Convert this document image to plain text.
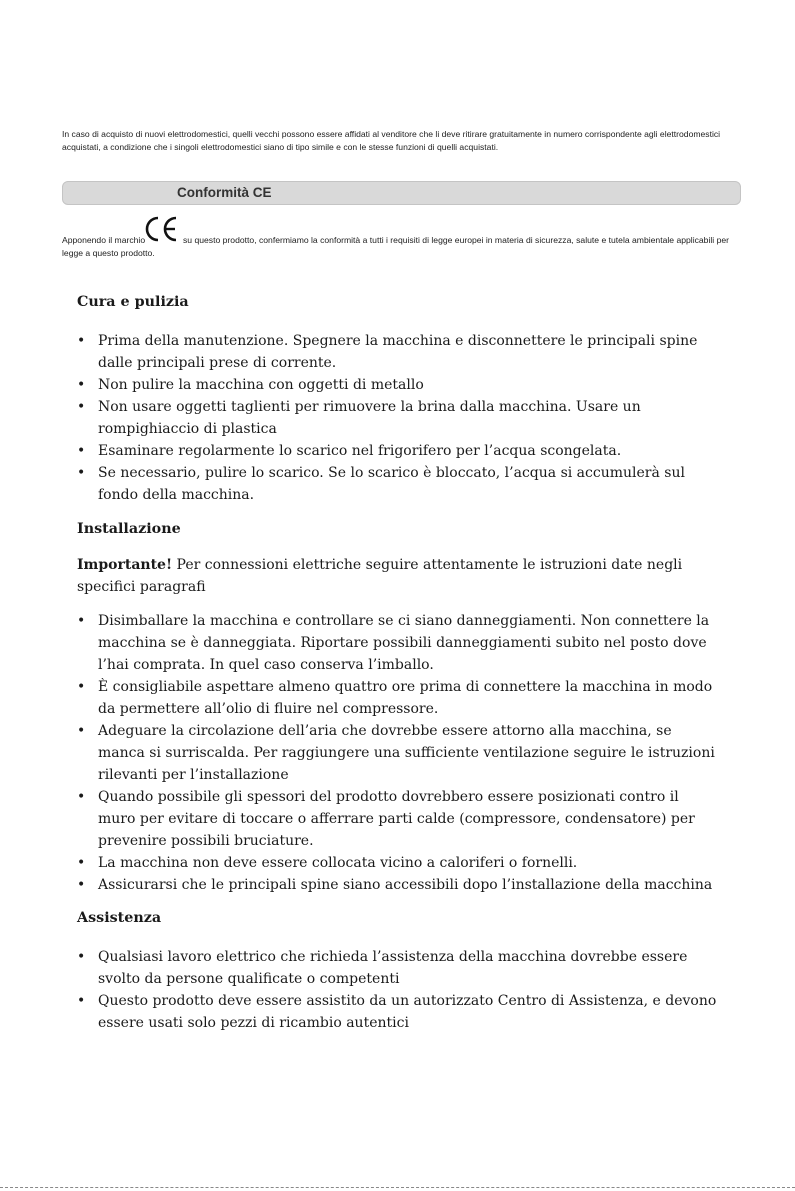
In caso di acquisto di nuovi elettrodomestici, quelli vecchi possono essere affidati al venditore che li deve ritirare gratuitamente in numero corrispondente agli elettrodomestici acquistati, a condizione che i singoli elettrodomestici siano di tipo simile e con le stesse funzioni di quelli acquistati.
Conformità CE
Apponendo il marchio	su questo prodotto, confermiamo la conformità a tutti i requisiti di legge europei in materia di sicurezza, salute e tutela ambientale applicabili per
legge a questo prodotto.
Cura e pulizia
• Prima della manutenzione. Spegnere la macchina e disconnettere le principali spine dalle principali prese di corrente.
• Non pulire la macchina con oggetti di metallo
• Non usare oggetti taglienti per rimuovere la brina dalla macchina. Usare un rompighiaccio di plastica
• Esaminare regolarmente lo scarico nel frigorifero per l’acqua scongelata.
• Se necessario, pulire lo scarico. Se lo scarico è bloccato, l’acqua si accumulerà sul fondo della macchina.
Installazione
Importante! Per connessioni elettriche seguire attentamente le istruzioni date negli specifici paragrafi
• Disimballare la macchina e controllare se ci siano danneggiamenti. Non connettere la macchina se è danneggiata. Riportare possibili danneggiamenti subito nel posto dove l’hai comprata. In quel caso conserva l’imballo.
• È consigliabile aspettare almeno quattro ore prima di connettere la macchina in modo da permettere all’olio di fluire nel compressore.
• Adeguare la circolazione dell’aria che dovrebbe essere attorno alla macchina, se manca si surriscalda. Per raggiungere una sufficiente ventilazione seguire le istruzioni rilevanti per l’installazione
• Quando possibile gli spessori del prodotto dovrebbero essere posizionati contro il muro per evitare di toccare o afferrare parti calde (compressore, condensatore) per prevenire possibili bruciature.
• La macchina non deve essere collocata vicino a caloriferi o fornelli.
• Assicurarsi che le principali spine siano accessibili dopo l’installazione della macchina
Assistenza
• Qualsiasi lavoro elettrico che richieda l’assistenza della macchina dovrebbe essere svolto da persone qualificate o competenti
• Questo prodotto deve essere assistito da un autorizzato Centro di Assistenza, e devono essere usati solo pezzi di ricambio autentici
